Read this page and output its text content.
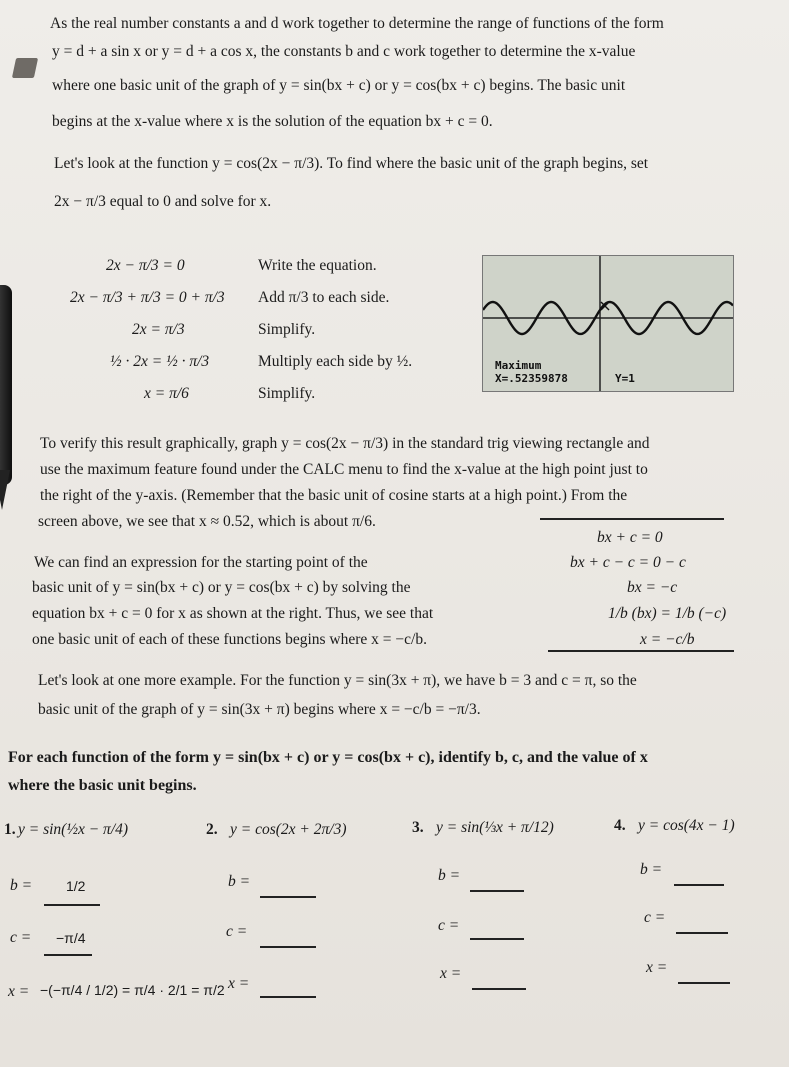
As the real number constants a and d work together to determine the range of functions of the form
y = d + a sin x or y = d + a cos x, the constants b and c work together to determine the x-value
where one basic unit of the graph of y = sin(bx + c) or y = cos(bx + c) begins. The basic unit
begins at the x-value where x is the solution of the equation bx + c = 0.
Let's look at the function y = cos(2x − π/3). To find where the basic unit of the graph begins, set
2x − π/3 equal to 0 and solve for x.
2x − π/3 = 0	Write the equation.
2x − π/3 + π/3 = 0 + π/3 Add π/3 to each side.
2x = π/3	Simplify.
½ · 2x = ½ · π/3	Multiply each side by ½.
x = π/6	Simplify.
Maximum
X=.52359878	Y=1
To verify this result graphically, graph y = cos(2x − π/3) in the standard trig viewing rectangle and
use the maximum feature found under the CALC menu to find the x-value at the high point just to
the right of the y-axis. (Remember that the basic unit of cosine starts at a high point.) From the
screen above, we see that x ≈ 0.52, which is about π/6.
We can find an expression for the starting point of the
basic unit of y = sin(bx + c) or y = cos(bx + c) by solving the
equation bx + c = 0 for x as shown at the right. Thus, we see that
one basic unit of each of these functions begins where x = −c/b.
bx + c = 0
bx + c − c = 0 − c
bx = −c
1/b (bx) = 1/b (−c)
x = −c/b
Let's look at one more example. For the function y = sin(3x + π), we have b = 3 and c = π, so the
basic unit of the graph of y = sin(3x + π) begins where x = −c/b = −π/3.
For each function of the form y = sin(bx + c) or y = cos(bx + c), identify b, c, and the value of x
where the basic unit begins.
1. y = sin(½x − π/4)
b = 1/2
c = −π/4
x = −(−π/4 / 1/2) = π/4 · 2/1 = π/2
2. y = cos(2x + 2π/3)
b =
c =
x =
3. y = sin(⅓x + π/12)
b =
c =
x =
4. y = cos(4x − 1)
b =
c =
x =
